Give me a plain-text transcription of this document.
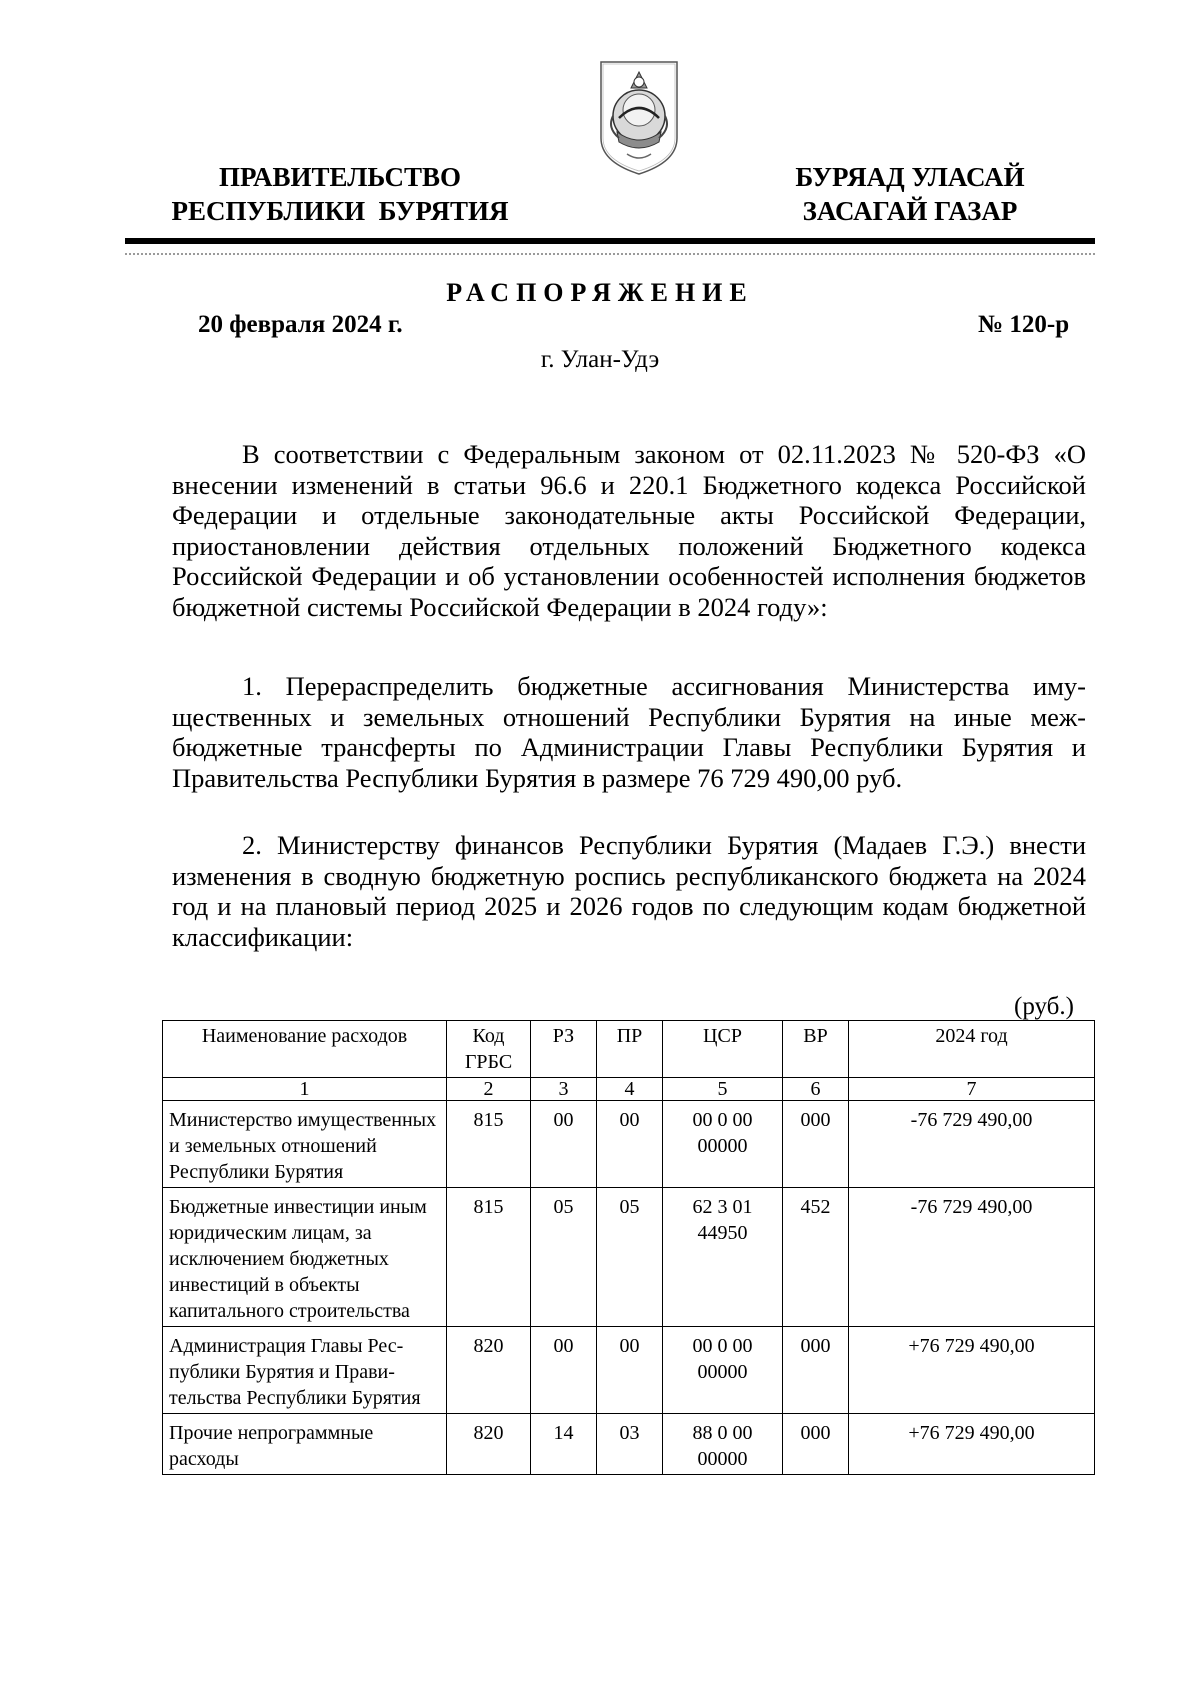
ПРАВИТЕЛЬСТВО
РЕСПУБЛИКИ  БУРЯТИЯ
БУРЯАД УЛАСАЙ
ЗАСАГАЙ ГАЗАР
РАСПОРЯЖЕНИЕ
20 февраля 2024 г.	№ 120-р
г. Улан-Удэ

В соответствии с Федеральным законом от 02.11.2023 № 520-ФЗ «О внесении изменений в статьи 96.6 и 220.1 Бюджетного кодекса Российской Федерации и отдельные законодательные акты Российской Федерации, приостановлении действия отдельных положений Бюджетного кодекса Российской Федерации и об установлении особенностей исполнения бюджетов бюджетной системы Российской Федерации в 2024 году»:

1. Перераспределить бюджетные ассигнования Министерства имущественных и земельных отношений Республики Бурятия на иные межбюджетные трансферты по Администрации Главы Республики Бурятия и Правительства Республики Бурятия в размере 76 729 490,00 руб.

2. Министерству финансов Республики Бурятия (Мадаев Г.Э.) внести изменения в сводную бюджетную роспись республиканского бюджета на 2024 год и на плановый период 2025 и 2026 годов по следующим кодам бюджетной классификации:

(руб.)
Наименование расходов	Код ГРБС	РЗ	ПР	ЦСР	ВР	2024 год
1	2	3	4	5	6	7
Министерство имущественных и земельных отношений Республики Бурятия	815	00	00	00 0 00 00000	000	-76 729 490,00
Бюджетные инвестиции иным юридическим лицам, за исключением бюджетных инвестиций в объекты капитального строительства	815	05	05	62 3 01 44950	452	-76 729 490,00
Администрация Главы Республики Бурятия и Правительства Республики Бурятия	820	00	00	00 0 00 00000	000	+76 729 490,00
Прочие непрограммные расходы	820	14	03	88 0 00 00000	000	+76 729 490,00
